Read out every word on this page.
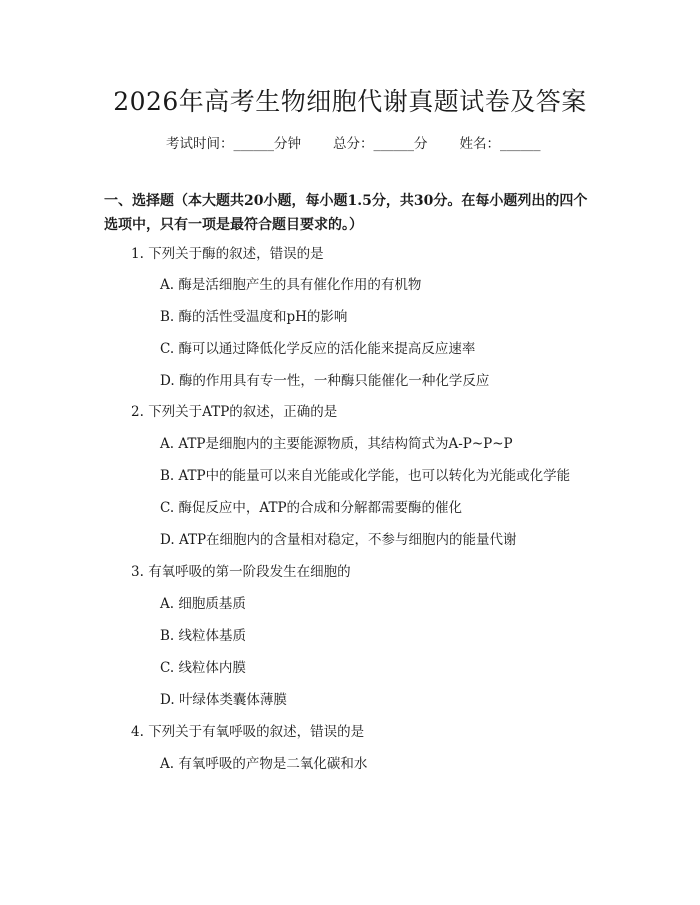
2026年高考生物细胞代谢真题试卷及答案
考试时间：______分钟 总分：______分 姓名：______

一、选择题（本大题共20小题，每小题1.5分，共30分。在每小题列出的四个选项中，只有一项是最符合题目要求的。）

1. 下列关于酶的叙述，错误的是
A. 酶是活细胞产生的具有催化作用的有机物
B. 酶的活性受温度和pH的影响
C. 酶可以通过降低化学反应的活化能来提高反应速率
D. 酶的作用具有专一性，一种酶只能催化一种化学反应
2. 下列关于ATP的叙述，正确的是
A. ATP是细胞内的主要能源物质，其结构简式为A-P~P~P
B. ATP中的能量可以来自光能或化学能，也可以转化为光能或化学能
C. 酶促反应中，ATP的合成和分解都需要酶的催化
D. ATP在细胞内的含量相对稳定，不参与细胞内的能量代谢
3. 有氧呼吸的第一阶段发生在细胞的
A. 细胞质基质
B. 线粒体基质
C. 线粒体内膜
D. 叶绿体类囊体薄膜
4. 下列关于有氧呼吸的叙述，错误的是
A. 有氧呼吸的产物是二氧化碳和水
